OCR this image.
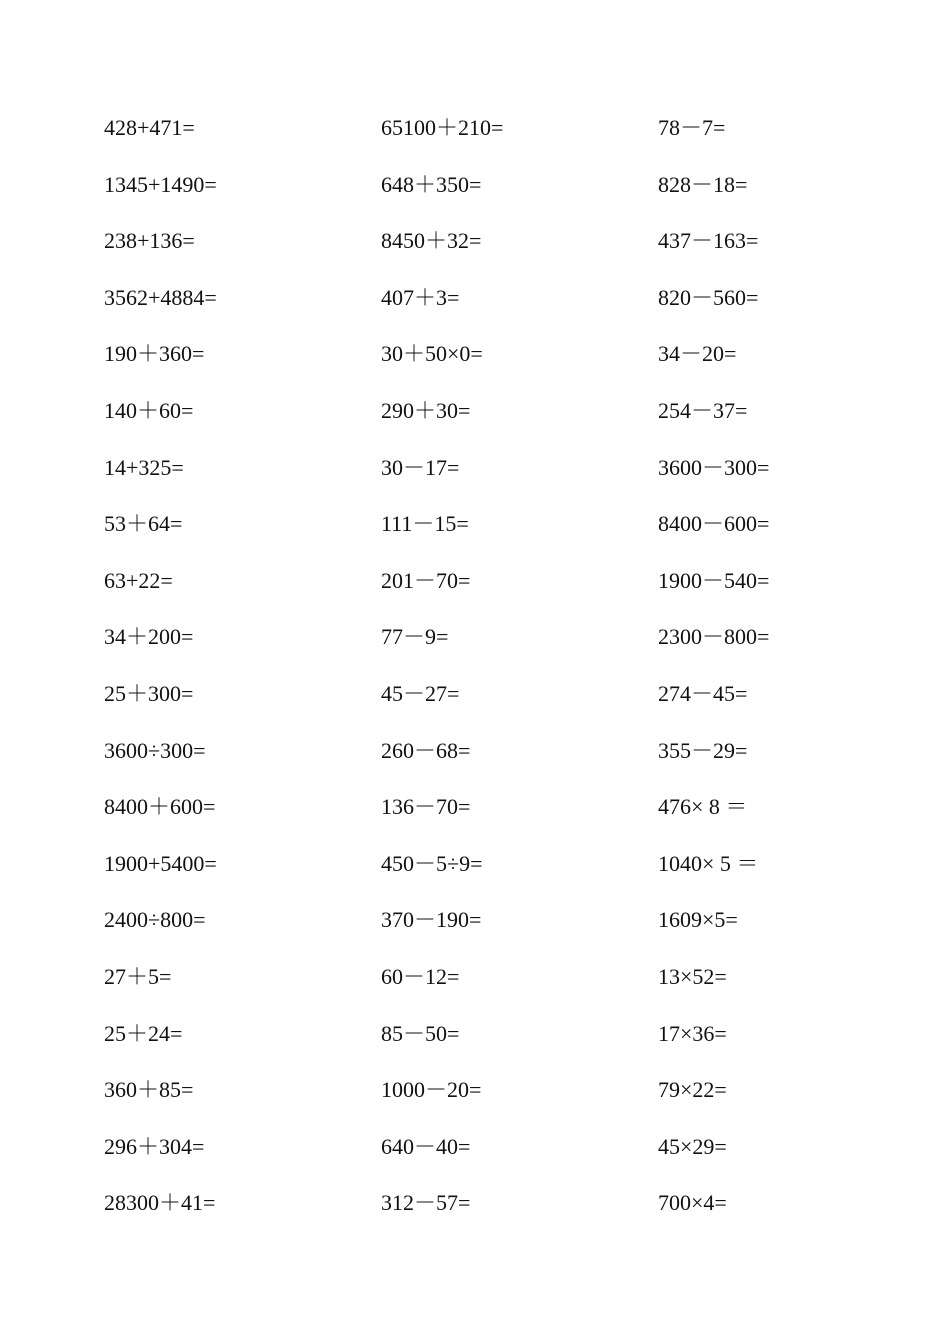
428+471=	65100＋210=	78－7=
1345+1490=	648＋350=	828－18=
238+136=	8450＋32=	437－163=
3562+4884=	407＋3=	820－560=
190＋360=	30＋50×0=	34－20=
140＋60=	290＋30=	254－37=
14+325=	30－17=	3600－300=
53＋64=	111－15=	8400－600=
63+22=	201－70=	1900－540=
34＋200=	77－9=	2300－800=
25＋300=	45－27=	274－45=
3600÷300=	260－68=	355－29=
8400＋600=	136－70=	476× 8 ＝
1900+5400=	450－5÷9=	1040× 5 ＝
2400÷800=	370－190=	1609×5=
27＋5=	60－12=	13×52=
25＋24=	85－50=	17×36=
360＋85=	1000－20=	79×22=
296＋304=	640－40=	45×29=
28300＋41=	312－57=	700×4=
